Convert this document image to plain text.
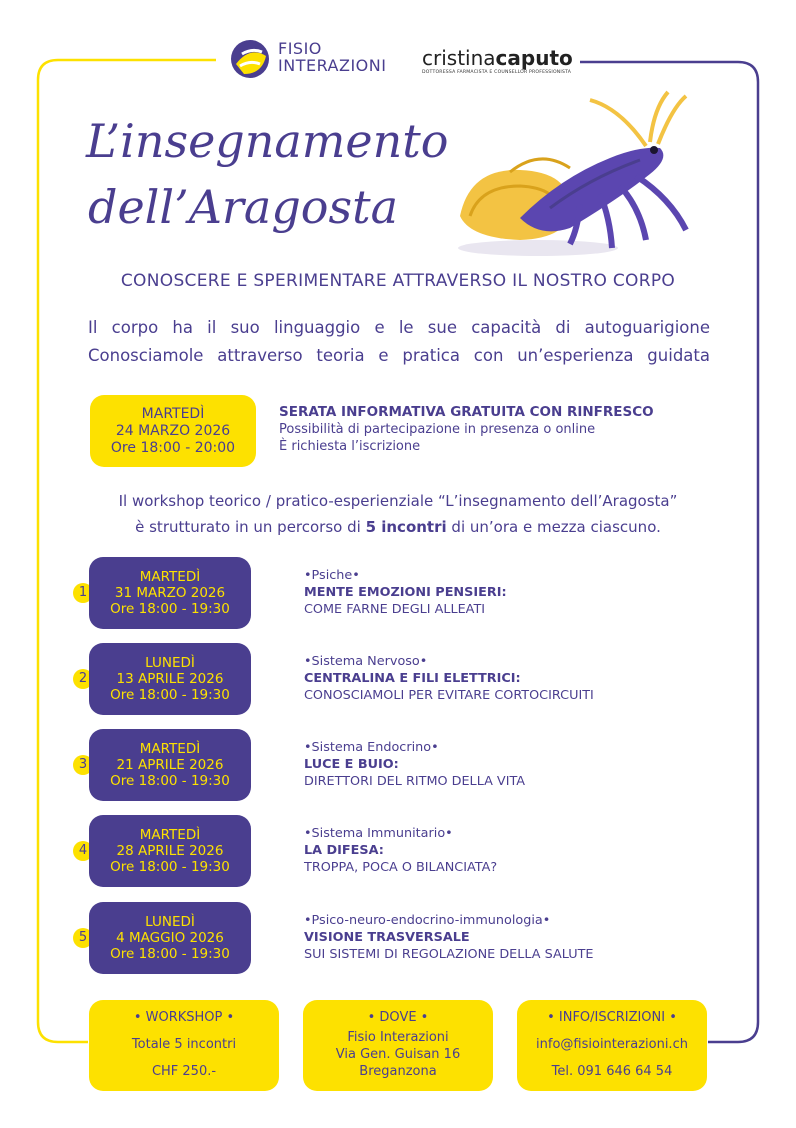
FISIO
INTERAZIONI cristinacaputo
DOTTORESSA FARMACISTA E COUNSELLOR PROFESSIONISTA
L’insegnamento
dell’Aragosta
CONOSCERE E SPERIMENTARE ATTRAVERSO IL NOSTRO CORPO
Il corpo ha il suo linguaggio e le sue capacità di autoguarigione
Conosciamole attraverso teoria e pratica con un’esperienza guidata
MARTEDÌ
24 MARZO 2026
Ore 18:00 - 20:00
SERATA INFORMATIVA GRATUITA CON RINFRESCO
Possibilità di partecipazione in presenza o online
È richiesta l’iscrizione
Il workshop teorico / pratico-esperienziale “L’insegnamento dell’Aragosta”
è strutturato in un percorso di 5 incontri di un’ora e mezza ciascuno.
1
MARTEDÌ
31 MARZO 2026
Ore 18:00 - 19:30
•Psiche•
MENTE EMOZIONI PENSIERI:
COME FARNE DEGLI ALLEATI
2
LUNEDÌ
13 APRILE 2026
Ore 18:00 - 19:30
•Sistema Nervoso•
CENTRALINA E FILI ELETTRICI:
CONOSCIAMOLI PER EVITARE CORTOCIRCUITI
3
MARTEDÌ
21 APRILE 2026
Ore 18:00 - 19:30
•Sistema Endocrino•
LUCE E BUIO:
DIRETTORI DEL RITMO DELLA VITA
4
MARTEDÌ
28 APRILE 2026
Ore 18:00 - 19:30
•Sistema Immunitario•
LA DIFESA:
TROPPA, POCA O BILANCIATA?
5
LUNEDÌ
4 MAGGIO 2026
Ore 18:00 - 19:30
•Psico-neuro-endocrino-immunologia•
VISIONE TRASVERSALE
SUI SISTEMI DI REGOLAZIONE DELLA SALUTE
• WORKSHOP •
Totale 5 incontri
CHF 250.-
• DOVE •
Fisio Interazioni
Via Gen. Guisan 16
Breganzona
• INFO/ISCRIZIONI •
info@fisiointerazioni.ch
Tel. 091 646 64 54
